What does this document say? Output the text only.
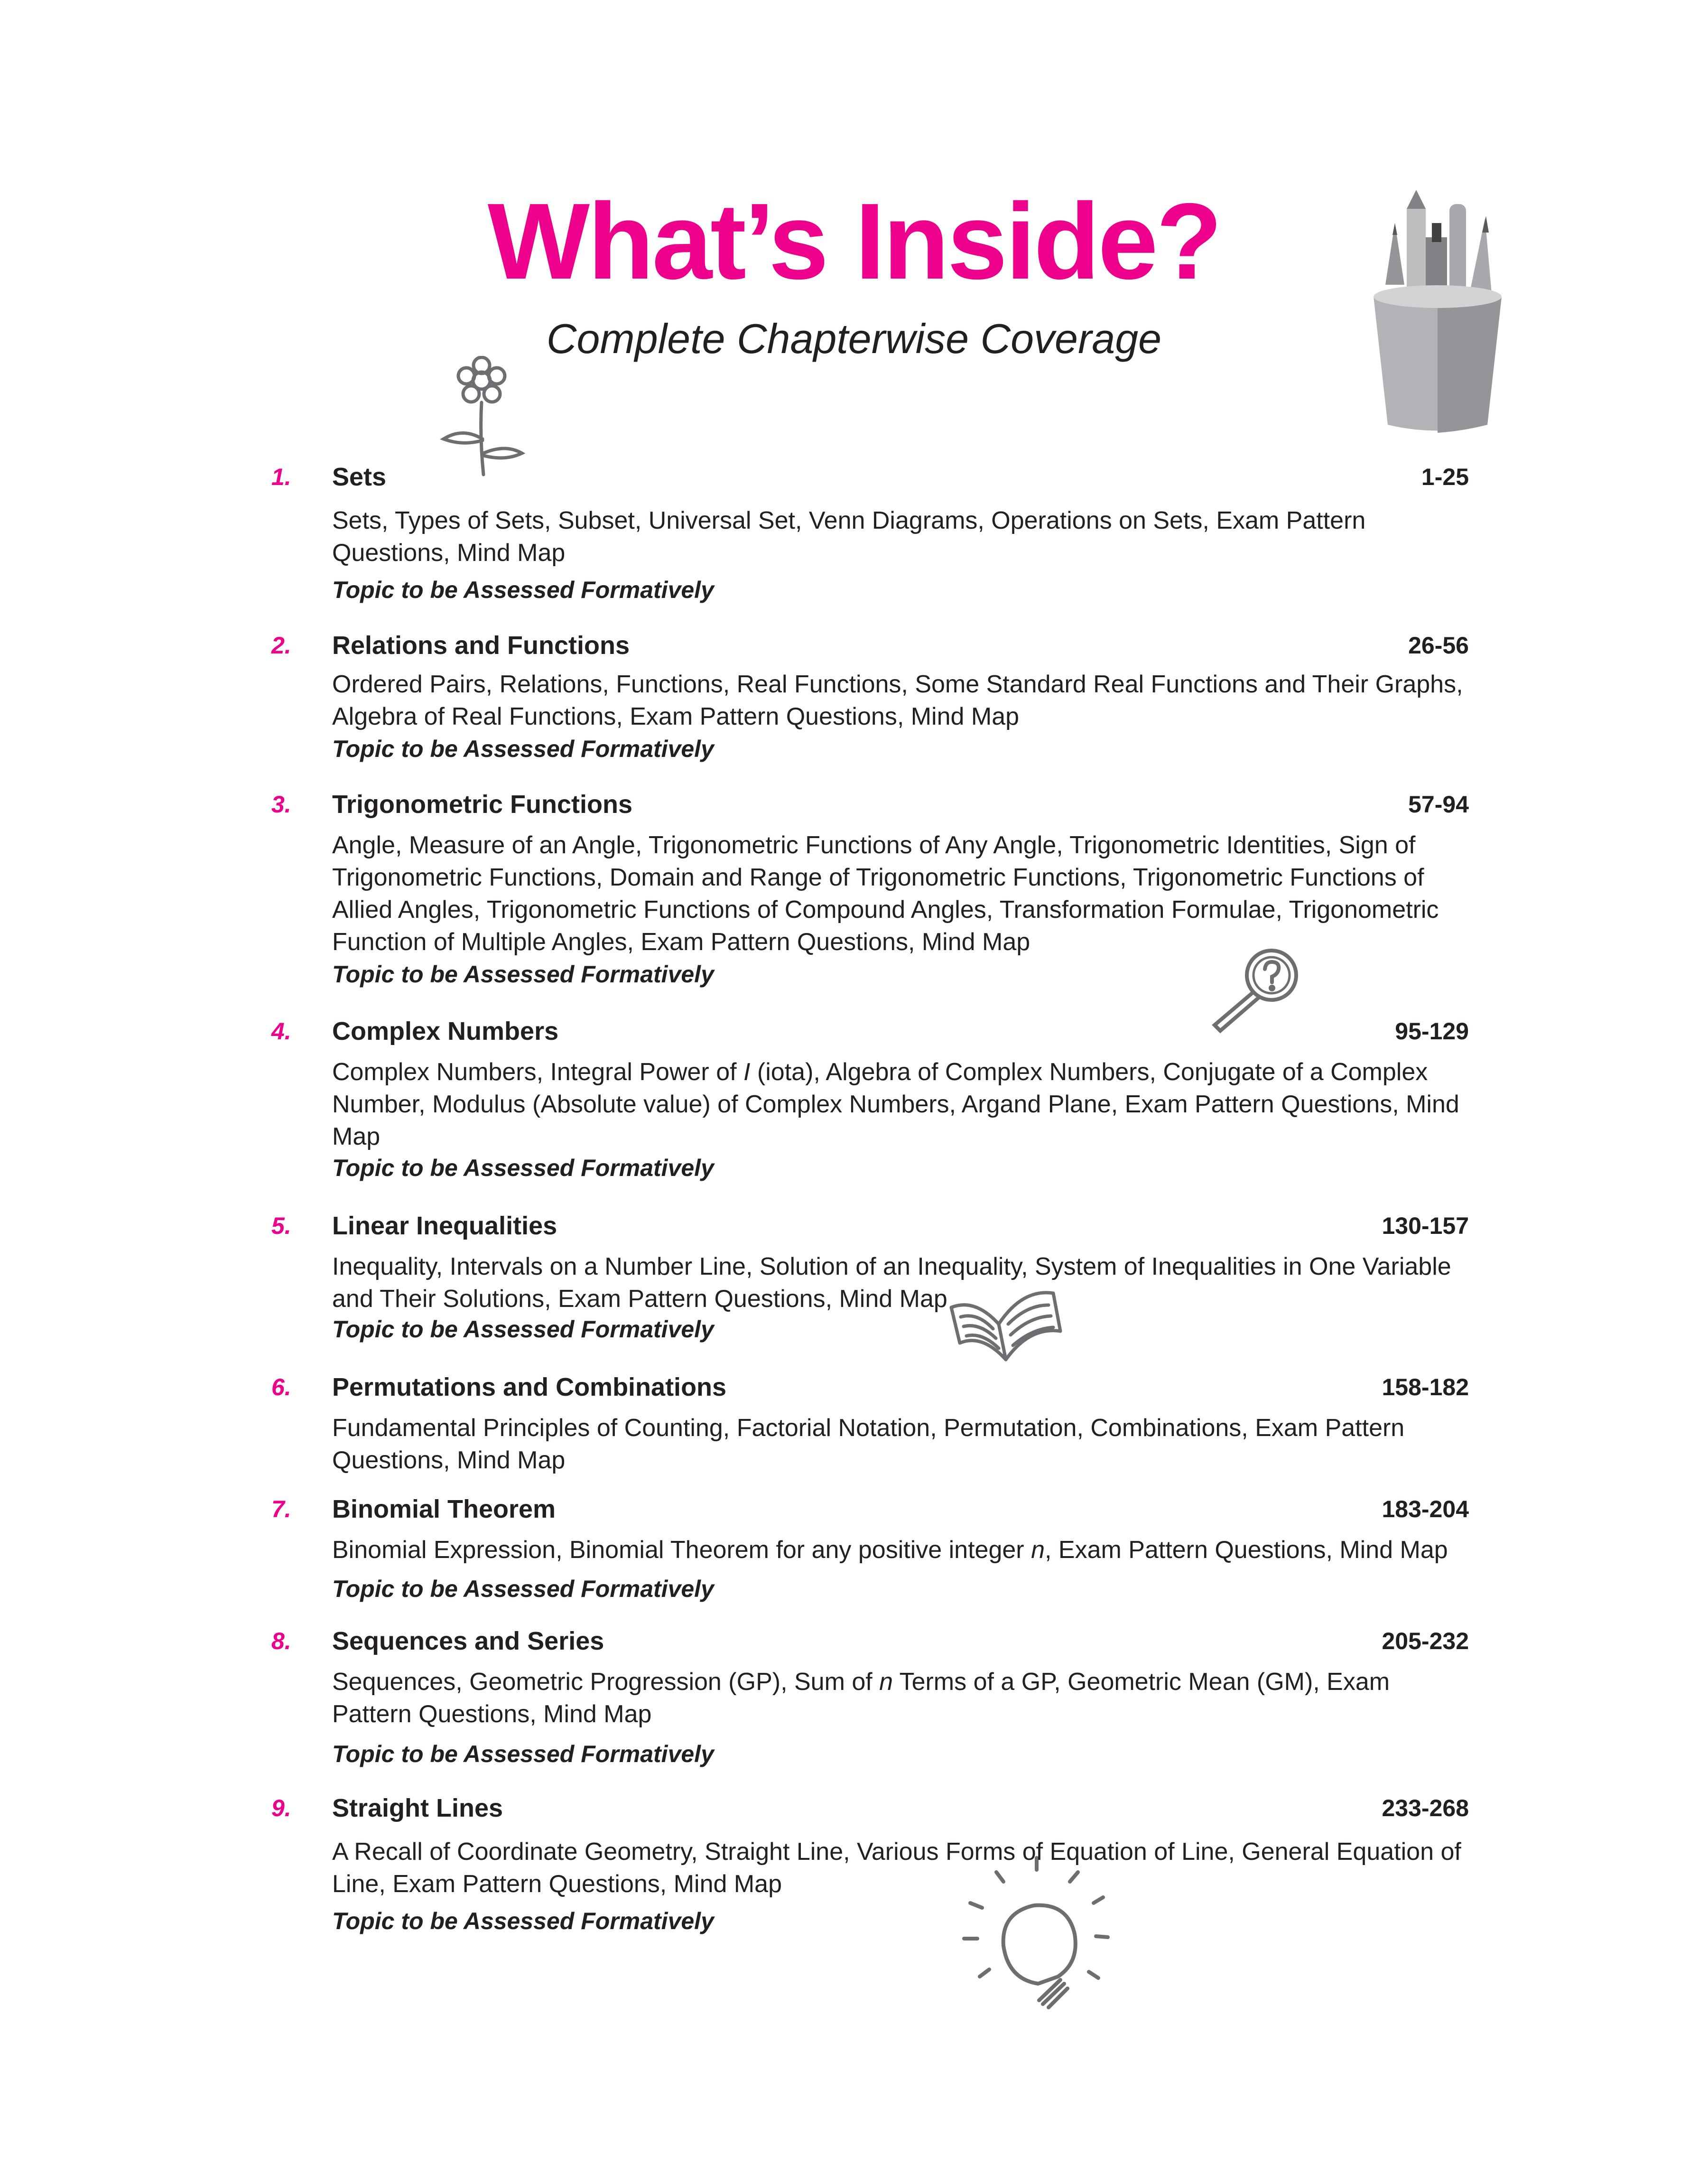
What’s Inside?
Complete Chapterwise Coverage
1. Sets	1-25
Sets, Types of Sets, Subset, Universal Set, Venn Diagrams, Operations on Sets, Exam Pattern Questions, Mind Map
Topic to be Assessed Formatively
2. Relations and Functions	26-56
Ordered Pairs, Relations, Functions, Real Functions, Some Standard Real Functions and Their Graphs, Algebra of Real Functions, Exam Pattern Questions, Mind Map
Topic to be Assessed Formatively
3. Trigonometric Functions	57-94
Angle, Measure of an Angle, Trigonometric Functions of Any Angle, Trigonometric Identities, Sign of Trigonometric Functions, Domain and Range of Trigonometric Functions, Trigonometric Functions of Allied Angles, Trigonometric Functions of Compound Angles, Transformation Formulae, Trigonometric Function of Multiple Angles, Exam Pattern Questions, Mind Map
Topic to be Assessed Formatively
4. Complex Numbers	95-129
Complex Numbers, Integral Power of I (iota), Algebra of Complex Numbers, Conjugate of a Complex Number, Modulus (Absolute value) of Complex Numbers, Argand Plane, Exam Pattern Questions, Mind Map
Topic to be Assessed Formatively
5. Linear Inequalities	130-157
Inequality, Intervals on a Number Line, Solution of an Inequality, System of Inequalities in One Variable and Their Solutions, Exam Pattern Questions, Mind Map
Topic to be Assessed Formatively
6. Permutations and Combinations	158-182
Fundamental Principles of Counting, Factorial Notation, Permutation, Combinations, Exam Pattern Questions, Mind Map
7. Binomial Theorem	183-204
Binomial Expression, Binomial Theorem for any positive integer n, Exam Pattern Questions, Mind Map
Topic to be Assessed Formatively
8. Sequences and Series	205-232
Sequences, Geometric Progression (GP), Sum of n Terms of a GP, Geometric Mean (GM), Exam Pattern Questions, Mind Map
Topic to be Assessed Formatively
9. Straight Lines	233-268
A Recall of Coordinate Geometry, Straight Line, Various Forms of Equation of Line, General Equation of Line, Exam Pattern Questions, Mind Map
Topic to be Assessed Formatively
